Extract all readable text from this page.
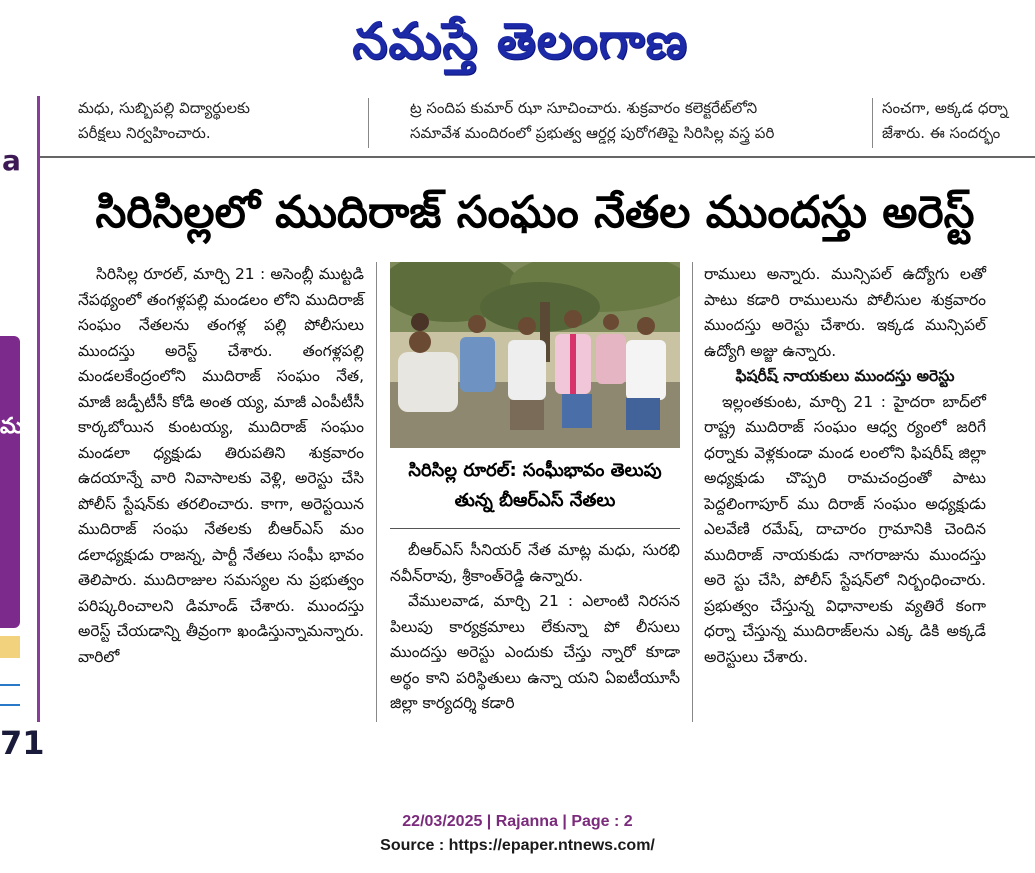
నమస్తే తెలంగాణ
a
మ
71
మధు, సుబ్బిపల్లి విద్యార్థులకు
పరీక్షలు నిర్వహించారు.
ట్ర సందిప కుమార్ ఝా సూచించారు. శుక్రవారం కలెక్టరేట్‌లోని
సమావేశ మందిరంలో ప్రభుత్వ ఆర్డర్ల పురోగతిపై సిరిసిల్ల వస్త్ర పరి
సంచగా, అక్కడ ధర్నా
జేశారు. ఈ సందర్భం
సిరిసిల్లలో ముదిరాజ్ సంఘం నేతల ముందస్తు అరెస్ట్

సిరిసిల్ల రూరల్, మార్చి 21 : అసెంబ్లీ ముట్టడి నేపథ్యంలో తంగళ్లపల్లి మండలం లోని ముదిరాజ్ సంఘం నేతలను తంగళ్ల పల్లి పోలీసులు ముందస్తు అరెస్ట్ చేశారు. తంగళ్లపల్లి మండలకేంద్రంలోని ముదిరాజ్ సంఘం నేత, మాజీ జడ్పీటీసీ కోడి అంత య్య, మాజీ ఎంపీటీసీ కార్కబోయిన కుంటయ్య, ముదిరాజ్ సంఘం మండలా ధ్యక్షుడు తిరుపతిని శుక్రవారం ఉదయాన్నే వారి నివాసాలకు వెళ్లి, అరెస్టు చేసి పోలీస్ స్టేషన్‌కు తరలించారు. కాగా, అరెస్టయిన ముదిరాజ్ సంఘ నేతలకు బీఆర్‌ఎస్ మం డలాధ్యక్షుడు రాజన్న, పార్టీ నేతలు సంఘీ భావం తెలిపారు. ముదిరాజుల సమస్యల ను ప్రభుత్వం పరిష్కరించాలని డిమాండ్ చేశారు. ముందస్తు అరెస్ట్ చేయడాన్ని తీవ్రంగా ఖండిస్తున్నామన్నారు. వారిలో

సిరిసిల్ల రూరల్: సంఘీభావం తెలుపు తున్న బీఆర్‌ఎస్ నేతలు

బీఆర్‌ఎస్ సీనియర్ నేత మాట్ల మధు, సురభి నవీన్‌రావు, శ్రీకాంత్‌రెడ్డి ఉన్నారు.

వేములవాడ, మార్చి 21 : ఎలాంటి నిరసన పిలుపు కార్యక్రమాలు లేకున్నా పో లీసులు ముందస్తు అరెస్టు ఎందుకు చేస్తు న్నారో కూడా అర్థం కాని పరిస్థితులు ఉన్నా యని ఏఐటీయూసీ జిల్లా కార్యదర్శి కడారి

రాములు అన్నారు. మున్సిపల్ ఉద్యోగు లతో పాటు కడారి రాములును పోలీసుల శుక్రవారం ముందస్తు అరెస్టు చేశారు. ఇక్కడ మున్సిపల్ ఉద్యోగి అజ్జు ఉన్నారు.

ఫిషరీష్ నాయకులు ముందస్తు అరెస్టు

ఇల్లంతకుంట, మార్చి 21 : హైదరా బాద్‌లో రాష్ట్ర ముదిరాజ్ సంఘం ఆధ్వ ర్యంలో జరిగే ధర్నాకు వెళ్లకుండా మండ లంలోని ఫిషరీష్ జిల్లా అధ్యక్షుడు చొప్పరి రామచంద్రంతో పాటు పెద్దలింగాపూర్ ము దిరాజ్ సంఘం అధ్యక్షుడు ఎలవేణి రమేష్, దాచారం గ్రామానికి చెందిన ముదిరాజ్ నాయకుడు నాగరాజును ముందస్తు అరె స్టు చేసి, పోలీస్ స్టేషన్‌లో నిర్బంధించారు. ప్రభుత్వం చేస్తున్న విధానాలకు వ్యతిరే కంగా ధర్నా చేస్తున్న ముదిరాజ్‌లను ఎక్క డికి అక్కడే అరెస్టులు చేశారు.

22/03/2025 | Rajanna | Page : 2
Source : https://epaper.ntnews.com/
